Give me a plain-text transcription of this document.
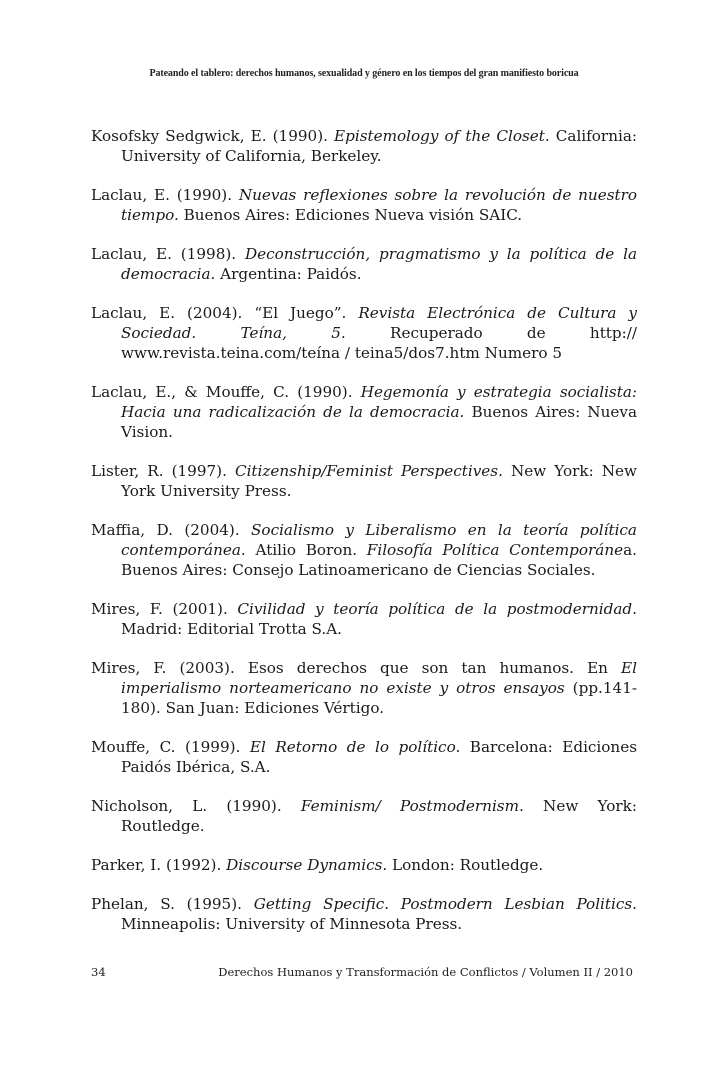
Pateando el tablero: derechos humanos, sexualidad y género en los tiempos del gran manifiesto boricua

Kosofsky Sedgwick, E. (1990). Epistemology of the Closet. California: University of California, Berkeley.

Laclau, E. (1990). Nuevas reflexiones sobre la revolución de nuestro tiempo. Buenos Aires: Ediciones Nueva visión SAIC.

Laclau, E. (1998). Deconstrucción, pragmatismo y la política de la democracia. Argentina: Paidós.

Laclau, E. (2004). “El Juego”. Revista Electrónica de Cultura y Sociedad. Teína, 5. Recuperado de http:// www.revista.teina.com/teína / teina5/dos7.htm Numero 5

Laclau, E., & Mouffe, C. (1990). Hegemonía y estrategia socialista: Hacia una radicalización de la democracia. Buenos Aires: Nueva Vision.

Lister, R. (1997). Citizenship/Feminist Perspectives. New York: New York University Press.

Maffia, D. (2004). Socialismo y Liberalismo en la teoría política contemporánea. Atilio Boron. Filosofía Política Contemporánea. Buenos Aires: Consejo Latinoamericano de Ciencias Sociales.

Mires, F. (2001). Civilidad y teoría política de la postmodernidad. Madrid: Editorial Trotta S.A.

Mires, F. (2003). Esos derechos que son tan humanos. En El imperialismo norteamericano no existe y otros ensayos (pp.141-180). San Juan: Ediciones Vértigo.

Mouffe, C. (1999). El Retorno de lo político. Barcelona: Ediciones Paidós Ibérica, S.A.

Nicholson, L. (1990). Feminism/ Postmodernism. New York: Routledge.

Parker, I. (1992). Discourse Dynamics. London: Routledge.

Phelan, S. (1995). Getting Specific. Postmodern Lesbian Politics. Minneapolis: University of Minnesota Press.

34	Derechos Humanos y Transformación de Conflictos / Volumen II / 2010
